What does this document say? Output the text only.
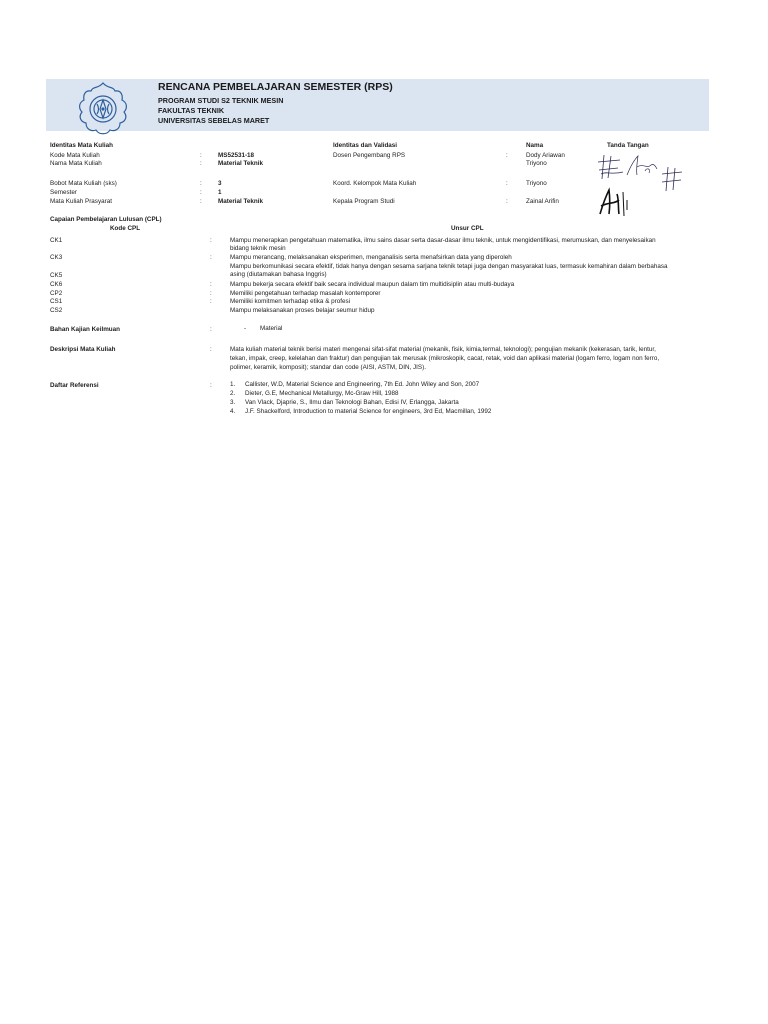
RENCANA PEMBELAJARAN SEMESTER (RPS)
PROGRAM STUDI S2 TEKNIK MESIN
FAKULTAS TEKNIK
UNIVERSITAS SEBELAS MARET
Identitas Mata Kuliah
Kode Mata Kuliah	:	MS52531-18
Nama Mata Kuliah	:	Material Teknik
Bobot Mata Kuliah (sks)	:	3
Semester	:	1
Mata Kuliah Prasyarat	:	Material Teknik
Identitas dan Validasi	Nama	Tanda Tangan
Dosen Pengembang RPS	:	Dody Ariawan
Triyono
Koord. Kelompok Mata Kuliah	:	Triyono
Kepala Program Studi	:	Zainal Arifin
Capaian Pembelajaran Lulusan (CPL)
Kode CPL	Unsur CPL
CK1	:	Mampu menerapkan pengetahuan matematika, ilmu sains dasar serta dasar-dasar ilmu teknik, untuk mengidentifikasi, merumuskan, dan menyelesaikan
bidang teknik mesin
CK3	:	Mampu merancang, melaksanakan eksperimen, menganalisis serta menafsirkan data yang diperoleh
Mampu berkomunikasi secara efektif, tidak hanya dengan sesama sarjana teknik tetapi juga dengan masyarakat luas, termasuk kemahiran dalam berbahasa
asing (diutamakan bahasa Inggris)
CK5
CK6	:	Mampu bekerja secara efektif baik secara individual maupun dalam tim multidisiplin atau multi-budaya
CP2	:	Memiliki pengetahuan terhadap masalah kontemporer
CS1	:	Memiliki komitmen terhadap etika & profesi
CS2	Mampu melaksanakan proses belajar seumur hidup
Bahan Kajian Keilmuan	:	- Material
Deskripsi Mata Kuliah	:	Mata kuliah material teknik berisi materi mengenai sifat-sifat material (mekanik, fisik, kimia,termal, teknologi); pengujian mekanik (kekerasan, tarik, lentur,
tekan, impak, creep, kelelahan dan fraktur) dan pengujian tak merusak (mikroskopik, cacat, retak, void dan aplikasi material (logam ferro, logam non ferro,
polimer, keramik, komposit); standar dan code (AISI, ASTM, DIN, JIS).
Daftar Referensi	:	1. Callister, W.D, Material Science and Engineering, 7th Ed. John Wiley and Son, 2007
2. Dieter, G.E, Mechanical Metallurgy, Mc-Graw Hill, 1988
3. Van Vlack, Djaprie, S., Ilmu dan Teknologi Bahan, Edisi IV, Erlangga, Jakarta
4. J.F. Shackelford, Introduction to material Science for engineers, 3rd Ed, Macmillan, 1992
